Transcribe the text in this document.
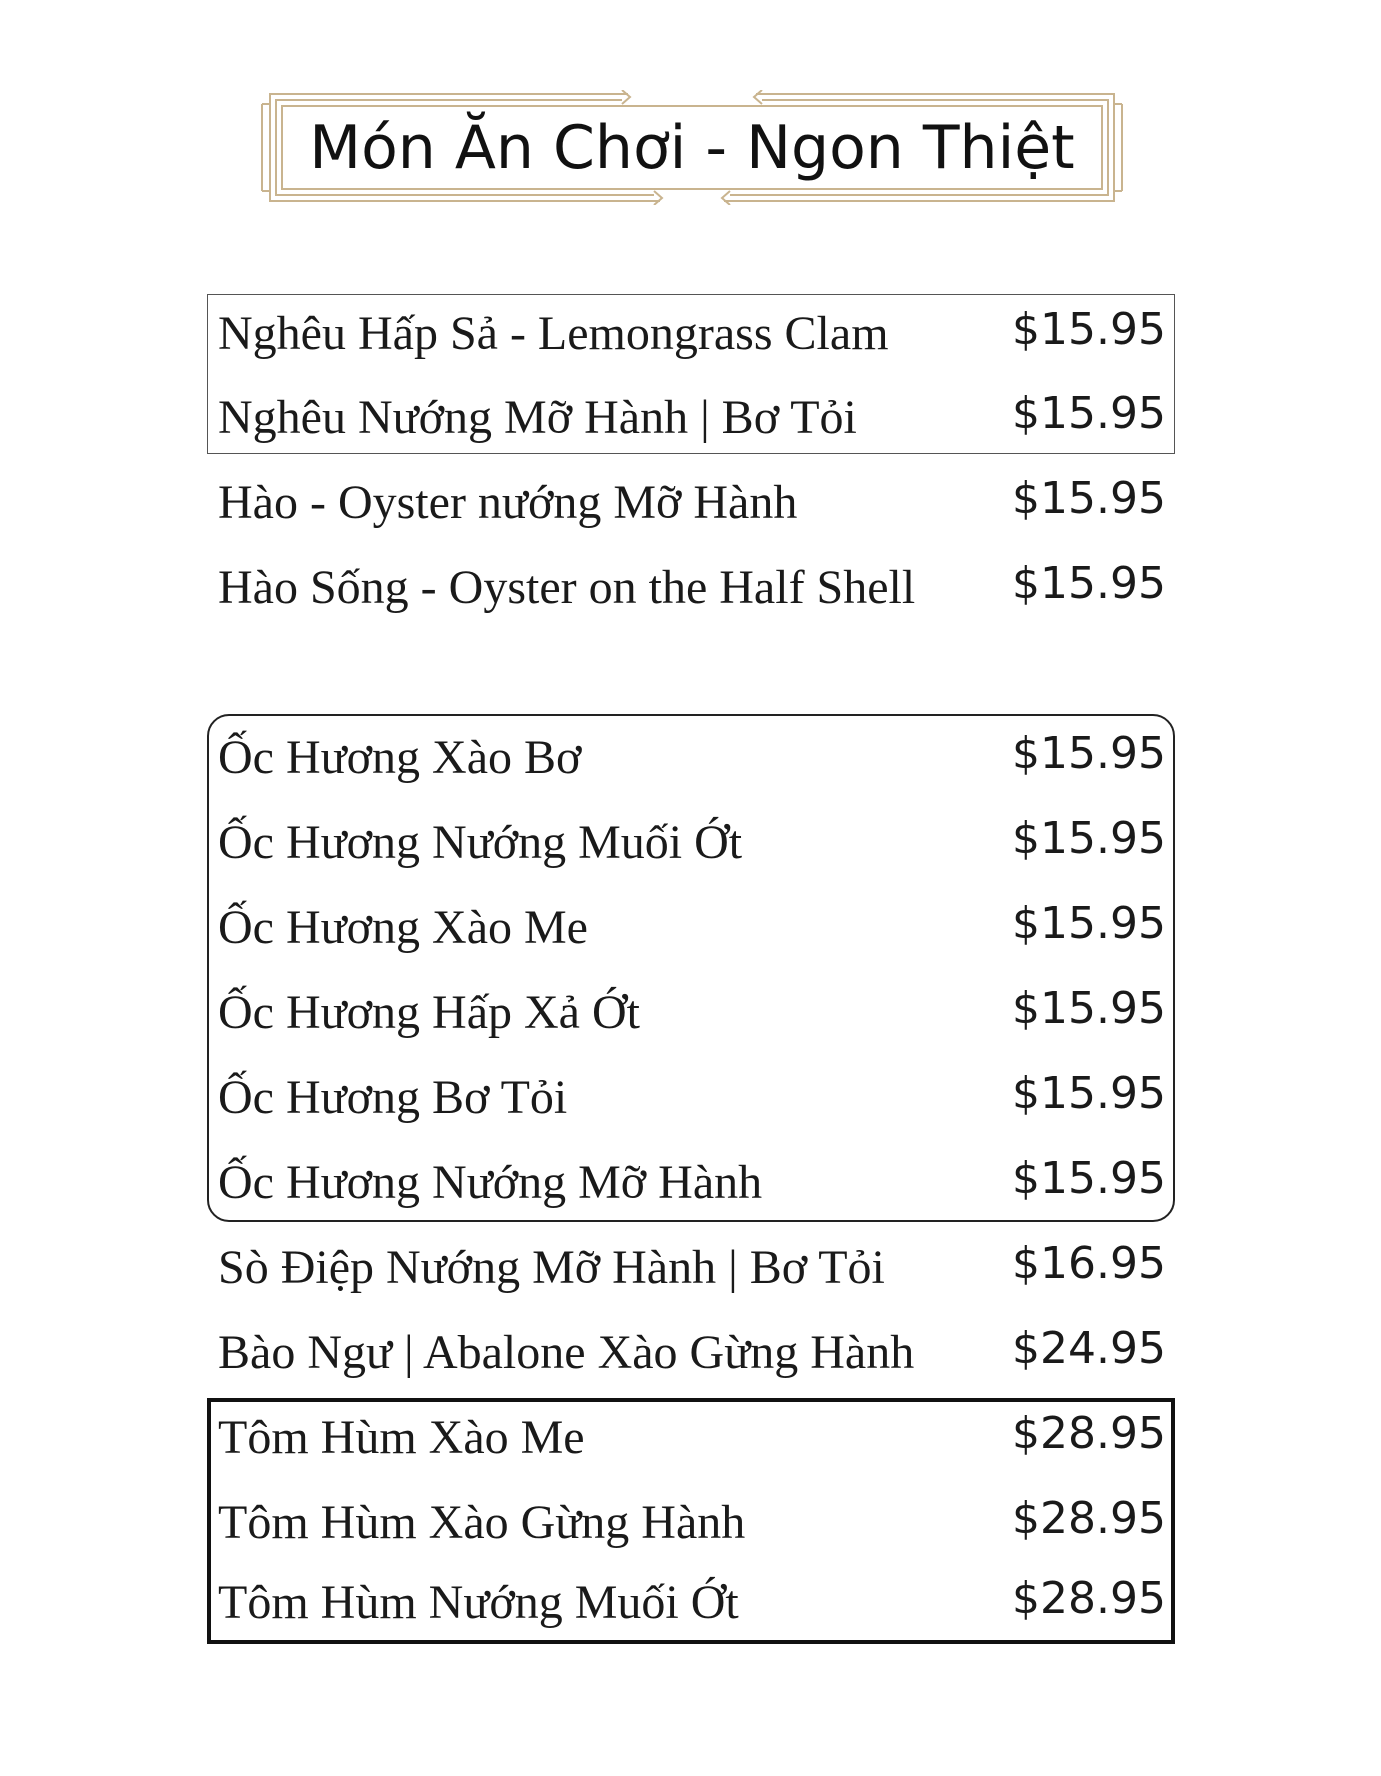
Món Ăn Chơi - Ngon Thiệt
Nghêu Hấp Sả - Lemongrass Clam	$15.95
Nghêu Nướng Mỡ Hành | Bơ Tỏi	$15.95
Hào - Oyster nướng Mỡ Hành	$15.95
Hào Sống - Oyster on the Half Shell $15.95
Ốc Hương Xào Bơ	$15.95
Ốc Hương Nướng Muối Ớt	$15.95
Ốc Hương Xào Me	$15.95
Ốc Hương Hấp Xả Ớt	$15.95
Ốc Hương Bơ Tỏi	$15.95
Ốc Hương Nướng Mỡ Hành	$15.95
Sò Điệp Nướng Mỡ Hành | Bơ Tỏi	$16.95
Bào Ngư | Abalone Xào Gừng Hành $24.95
Tôm Hùm Xào Me	$28.95
Tôm Hùm Xào Gừng Hành	$28.95
Tôm Hùm Nướng Muối Ớt	$28.95
